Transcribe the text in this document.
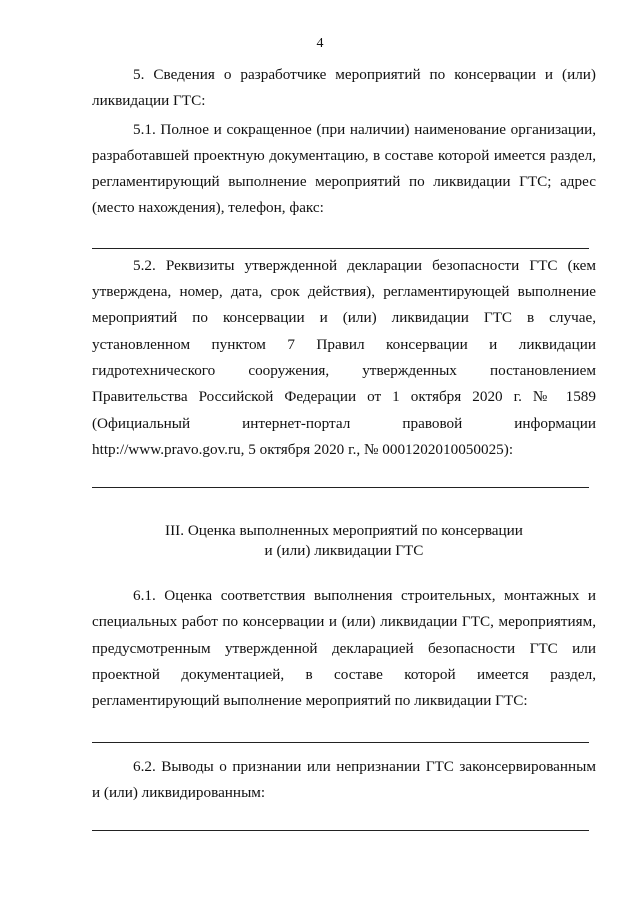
4

5. Сведения о разработчике мероприятий по консервации и (или) ликвидации ГТС:

5.1. Полное и сокращенное (при наличии) наименование организации, разработавшей проектную документацию, в составе которой имеется раздел, регламентирующий выполнение мероприятий по ликвидации ГТС; адрес (место нахождения), телефон, факс:

5.2. Реквизиты утвержденной декларации безопасности ГТС (кем утверждена, номер, дата, срок действия), регламентирующей выполнение мероприятий по консервации и (или) ликвидации ГТС в случае, установленном пунктом 7 Правил консервации и ликвидации гидротехнического сооружения, утвержденных постановлением Правительства Российской Федерации от 1 октября 2020 г. № 1589 (Официальный интернет-портал правовой информации http://www.pravo.gov.ru, 5 октября 2020 г., № 0001202010050025):

III. Оценка выполненных мероприятий по консервации
и (или) ликвидации ГТС

6.1. Оценка соответствия выполнения строительных, монтажных и специальных работ по консервации и (или) ликвидации ГТС, мероприятиям, предусмотренным утвержденной декларацией безопасности ГТС или проектной документацией, в составе которой имеется раздел, регламентирующий выполнение мероприятий по ликвидации ГТС:

6.2. Выводы о признании или непризнании ГТС законсервированным и (или) ликвидированным:
